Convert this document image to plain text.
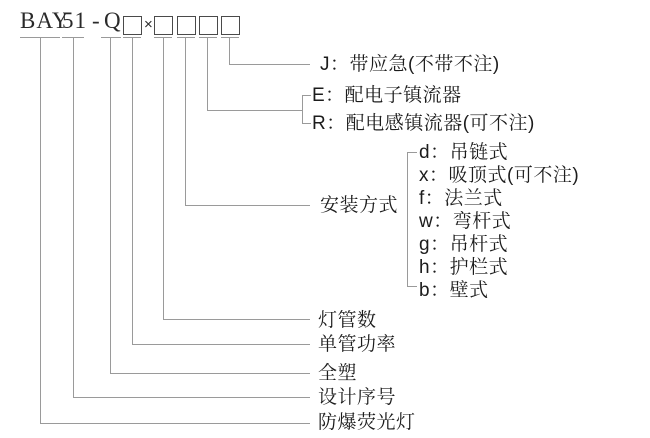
BAY
51 - Q ×
J：带应急(不带不注)
E：配电子镇流器
R：配电感镇流器(可不注)
安装方式
d：吊链式
x：吸顶式(可不注)
f：法兰式
w：弯杆式
g：吊杆式
h：护栏式
b：壁式
灯管数
单管功率
全塑
设计序号
防爆荧光灯
